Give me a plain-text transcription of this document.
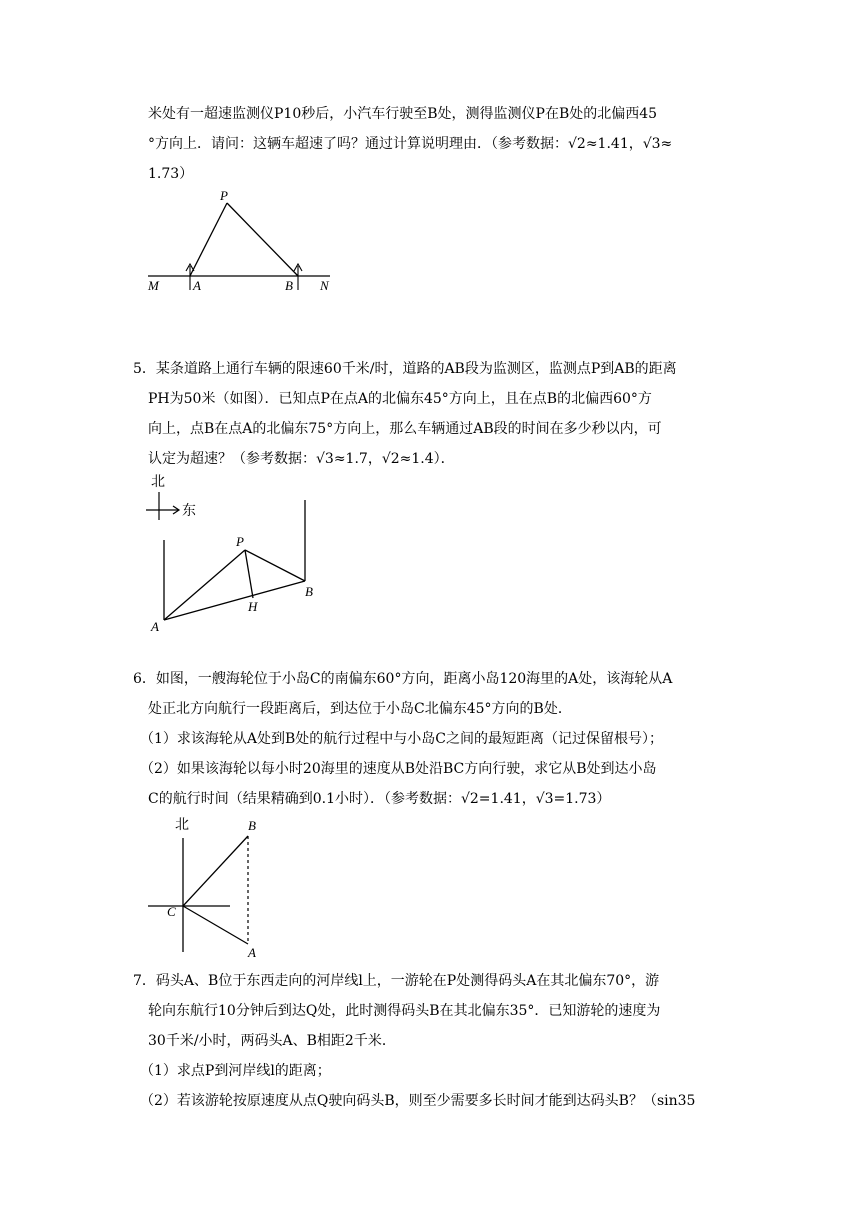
米处有一超速监测仪P10秒后，小汽车行驶至B处，测得监测仪P在B处的北偏西45
°方向上．请问：这辆车超速了吗？通过计算说明理由．（参考数据：√2≈1.41，√3≈
1.73）
P
M	A	B N
5．某条道路上通行车辆的限速60千米/时，道路的AB段为监测区，监测点P到AB的距离
PH为50米（如图）．已知点P在点A的北偏东45°方向上，且在点B的北偏西60°方
向上，点B在点A的北偏东75°方向上，那么车辆通过AB段的时间在多少秒以内，可
认定为超速？（参考数据：√3≈1.7，√2≈1.4）．
北
东
P
H
A
B
6．如图，一艘海轮位于小岛C的南偏东60°方向，距离小岛120海里的A处，该海轮从A
处正北方向航行一段距离后，到达位于小岛C北偏东45°方向的B处．
（1）求该海轮从A处到B处的航行过程中与小岛C之间的最短距离（记过保留根号）；
（2）如果该海轮以每小时20海里的速度从B处沿BC方向行驶，求它从B处到达小岛
C的航行时间（结果精确到0.1小时）．（参考数据：√2=1.41，√3=1.73）
北	B
C
A
7．码头A、B位于东西走向的河岸线l上，一游轮在P处测得码头A在其北偏东70°，游
轮向东航行10分钟后到达Q处，此时测得码头B在其北偏东35°．已知游轮的速度为
30千米/小时，两码头A、B相距2千米．
（1）求点P到河岸线l的距离；
（2）若该游轮按原速度从点Q驶向码头B，则至少需要多长时间才能到达码头B？（sin35
